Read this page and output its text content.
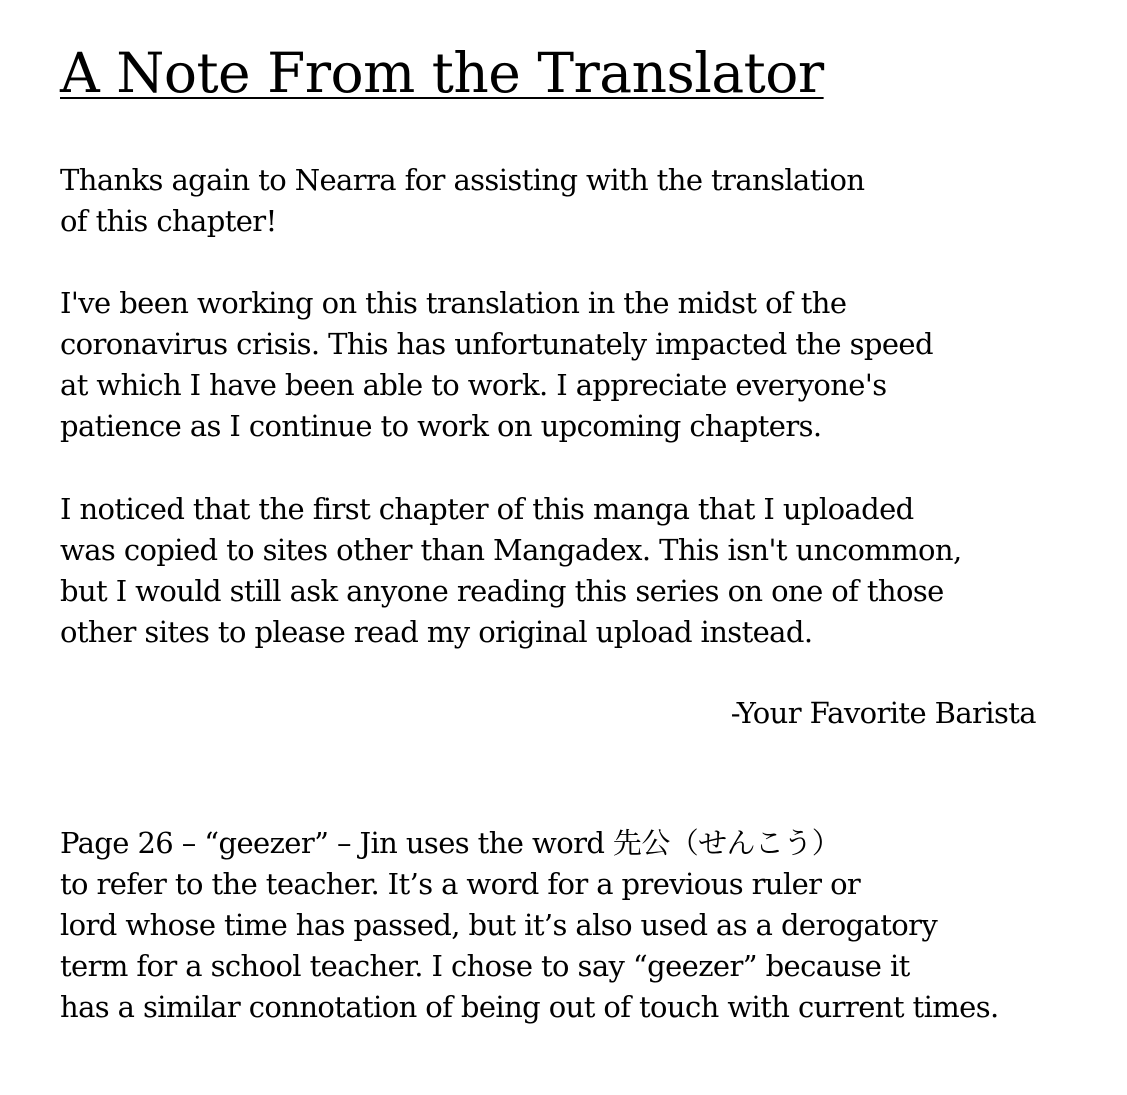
A Note From the Translator

Thanks again to Nearra for assisting with the translation
of this chapter!

I've been working on this translation in the midst of the
coronavirus crisis. This has unfortunately impacted the speed
at which I have been able to work. I appreciate everyone's
patience as I continue to work on upcoming chapters.

I noticed that the first chapter of this manga that I uploaded
was copied to sites other than Mangadex. This isn't uncommon,
but I would still ask anyone reading this series on one of those
other sites to please read my original upload instead.

-Your Favorite Barista

Page 26 – “geezer” – Jin uses the word 先公（せんこう）
to refer to the teacher. It’s a word for a previous ruler or
lord whose time has passed, but it’s also used as a derogatory
term for a school teacher. I chose to say “geezer” because it
has a similar connotation of being out of touch with current times.
